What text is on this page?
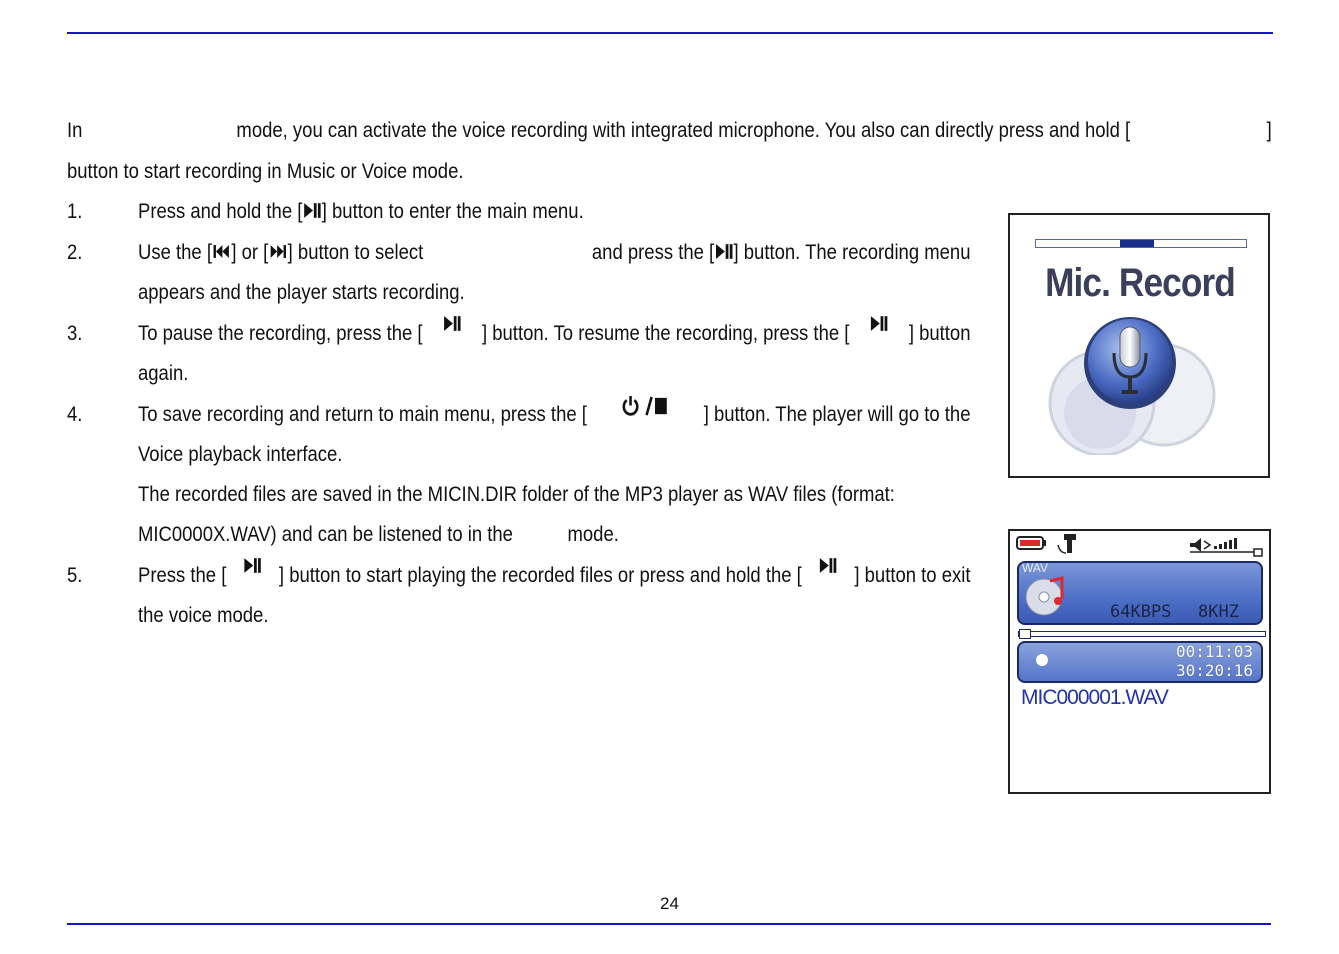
In	mode, you can activate the voice recording with integrated microphone. You also can directly press and hold [	]
button to start recording in Music or Voice mode.
1.	Press and hold the [ ] button to enter the main menu.
2.	Use the [ ] or [ ] button to select	and press the [ ] button. The recording menu
appears and the player starts recording.
3.	To pause the recording, press the [	] button. To resume the recording, press the [	] button
again.
4.	To save recording and return to main menu, press the [	] button. The player will go to the
Voice playback interface.
The recorded files are saved in the MICIN.DIR folder of the MP3 player as WAV files (format:
MIC0000X.WAV) and can be listened to in the	mode.
5.	Press the [	] button to start playing the recorded files or press and hold the [	] button to exit
the voice mode.
Mic. Record
WAV
64KBPS 8KHZ
00:11:03
30:20:16
MIC000001.WAV
24
